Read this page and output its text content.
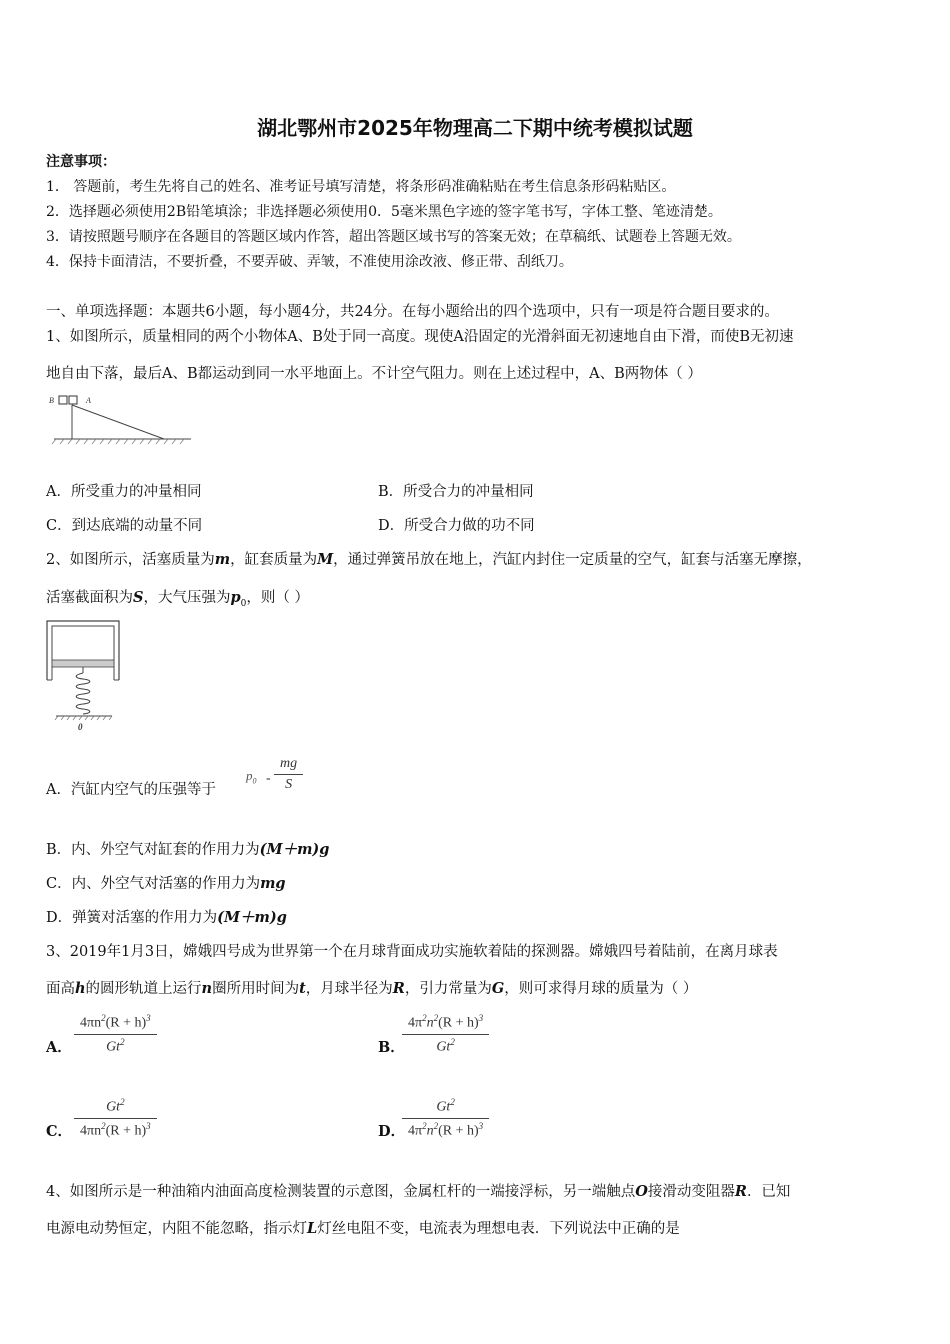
湖北鄂州市2025年物理高二下期中统考模拟试题
注意事项：
1． 答题前，考生先将自己的姓名、准考证号填写清楚，将条形码准确粘贴在考生信息条形码粘贴区。
2．选择题必须使用2B铅笔填涂；非选择题必须使用0．5毫米黑色字迹的签字笔书写，字体工整、笔迹清楚。
3．请按照题号顺序在各题目的答题区域内作答，超出答题区域书写的答案无效；在草稿纸、试题卷上答题无效。
4．保持卡面清洁，不要折叠，不要弄破、弄皱，不准使用涂改液、修正带、刮纸刀。
一、单项选择题：本题共6小题，每小题4分，共24分。在每小题给出的四个选项中，只有一项是符合题目要求的。
1、如图所示，质量相同的两个小物体A、B处于同一高度。现使A沿固定的光滑斜面无初速地自由下滑，而使B无初速
地自由下落，最后A、B都运动到同一水平地面上。不计空气阻力。则在上述过程中，A、B两物体（ ）
B	A
A．所受重力的冲量相同	B．所受合力的冲量相同
C．到达底端的动量不同	D．所受合力做的功不同
2、如图所示，活塞质量为m，缸套质量为M，通过弹簧吊放在地上，汽缸内封住一定质量的空气，缸套与活塞无摩擦，
活塞截面积为S，大气压强为$p_0$，则（ ）
0
A．汽缸内空气的压强等于
$p_0 - \frac{mg}{S}$
B．内、外空气对缸套的作用力为(M＋m)g
C．内、外空气对活塞的作用力为mg
D．弹簧对活塞的作用力为(M＋m)g
3、2019年1月3日，嫦娥四号成为世界第一个在月球背面成功实施软着陆的探测器。嫦娥四号着陆前，在离月球表
面高h的圆形轨道上运行n圈所用时间为t，月球半径为R，引力常量为G，则可求得月球的质量为（ ）
A． $\frac{4\pi n^2(R + h)^3}{Gt^2}$	B．
$\frac{4\pi^2n^2(R + h)^3}{Gt^2}$
C． $\frac{Gt^2}{4\pi n^2(R + h)^3}$	D．
$\frac{Gt^2}{4\pi^2n^2(R + h)^3}$
4、如图所示是一种油箱内油面高度检测装置的示意图，金属杠杆的一端接浮标，另一端触点O接滑动变阻器R．已知
电源电动势恒定，内阻不能忽略，指示灯L灯丝电阻不变，电流表为理想电表．下列说法中正确的是
